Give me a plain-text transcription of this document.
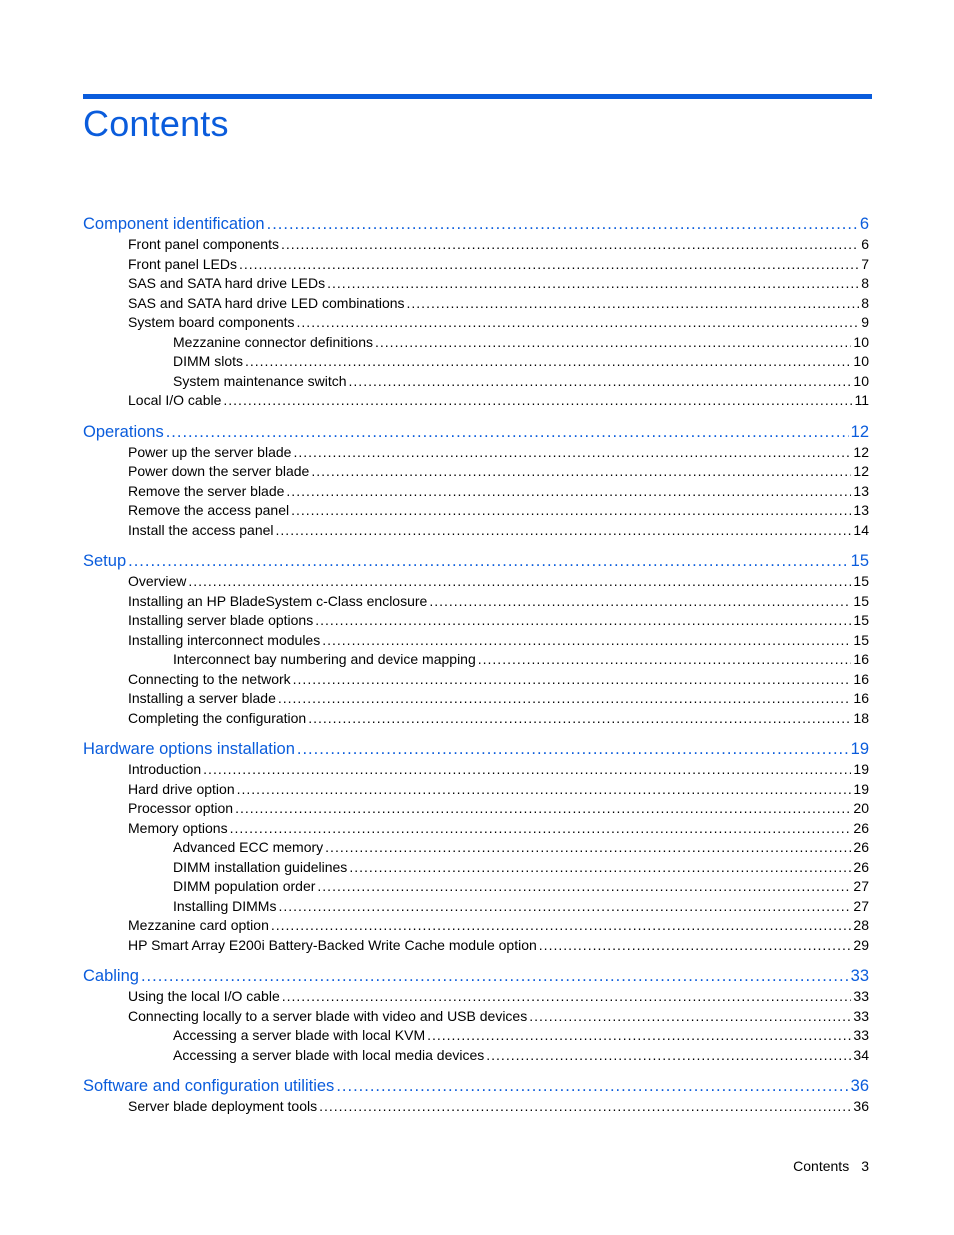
Contents
Component identification .....	6
Front panel components .....	6
Front panel LEDs .....	7
SAS and SATA hard drive LEDs .....	8
SAS and SATA hard drive LED combinations .....	8
System board components .....	9
Mezzanine connector definitions .....	10
DIMM slots .....	10
System maintenance switch .....	10
Local I/O cable .....	11
Operations .....	12
Power up the server blade .....	12
Power down the server blade .....	12
Remove the server blade .....	13
Remove the access panel .....	13
Install the access panel .....	14
Setup .....	15
Overview .....	15
Installing an HP BladeSystem c-Class enclosure .....	15
Installing server blade options .....	15
Installing interconnect modules .....	15
Interconnect bay numbering and device mapping .....	16
Connecting to the network .....	16
Installing a server blade .....	16
Completing the configuration .....	18
Hardware options installation .....	19
Introduction .....	19
Hard drive option .....	19
Processor option .....	20
Memory options .....	26
Advanced ECC memory .....	26
DIMM installation guidelines .....	26
DIMM population order .....	27
Installing DIMMs .....	27
Mezzanine card option .....	28
HP Smart Array E200i Battery-Backed Write Cache module option .....	29
Cabling .....	33
Using the local I/O cable .....	33
Connecting locally to a server blade with video and USB devices .....	33
Accessing a server blade with local KVM .....	33
Accessing a server blade with local media devices .....	34
Software and configuration utilities .....	36
Server blade deployment tools .....	36
Contents 3
